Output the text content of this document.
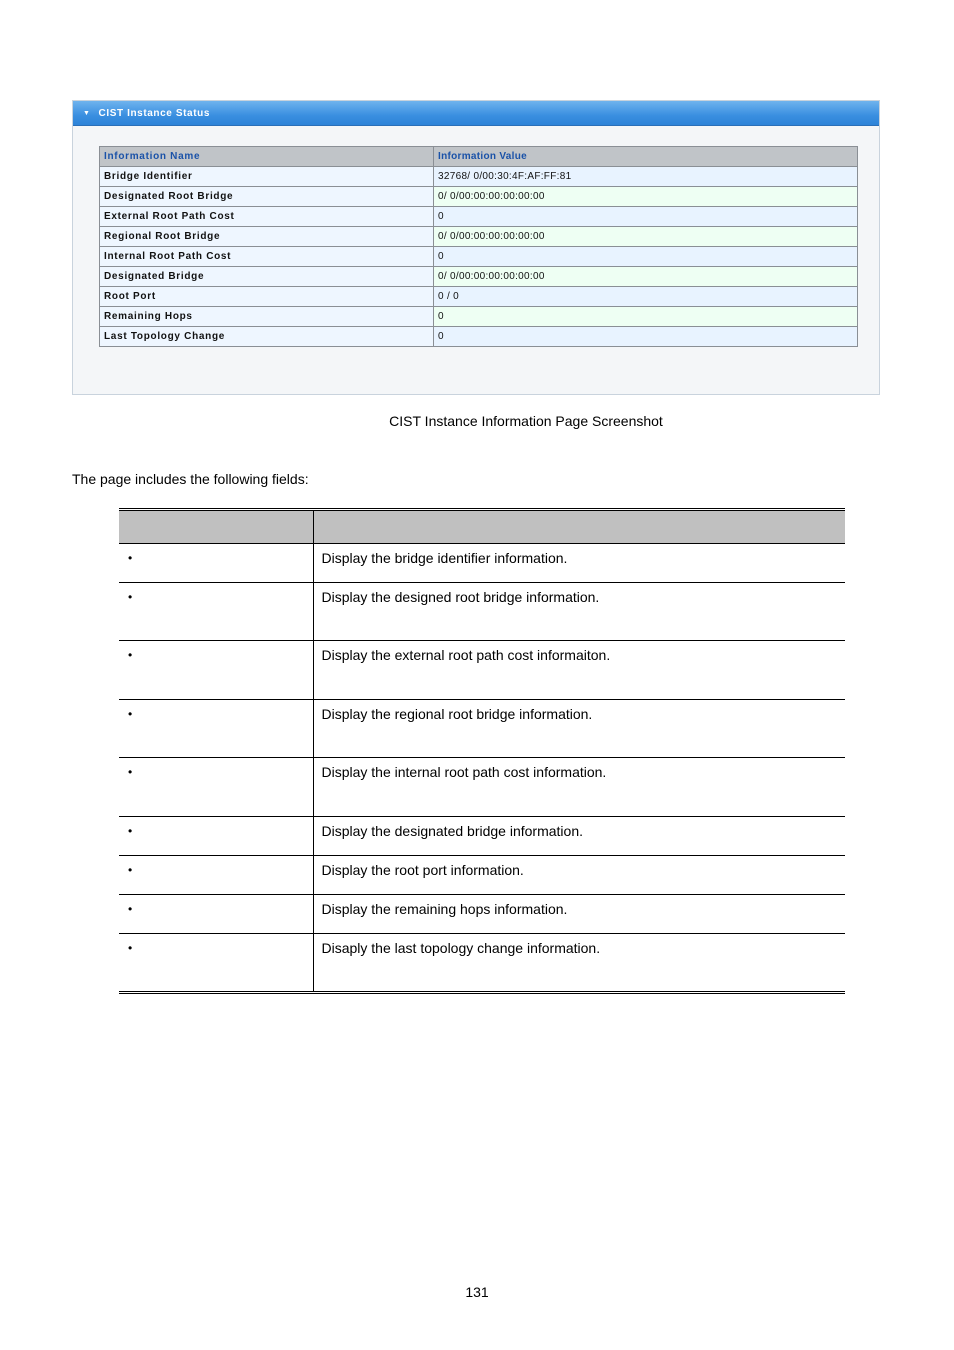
▼ CIST Instance Status
Information Name	Information Value
Bridge Identifier	32768/ 0/00:30:4F:AF:FF:81
Designated Root Bridge	0/ 0/00:00:00:00:00:00
External Root Path Cost	0
Regional Root Bridge	0/ 0/00:00:00:00:00:00
Internal Root Path Cost	0
Designated Bridge	0/ 0/00:00:00:00:00:00
Root Port	0 / 0
Remaining Hops	0
Last Topology Change	0
CIST Instance Information Page Screenshot
The page includes the following fields:

•	Display the bridge identifier information.
•	Display the designed root bridge information.
•	Display the external root path cost informaiton.
•	Display the regional root bridge information.
•	Display the internal root path cost information.
•	Display the designated bridge information.
•	Display the root port information.
•	Display the remaining hops information.
•	Disaply the last topology change information.
131
